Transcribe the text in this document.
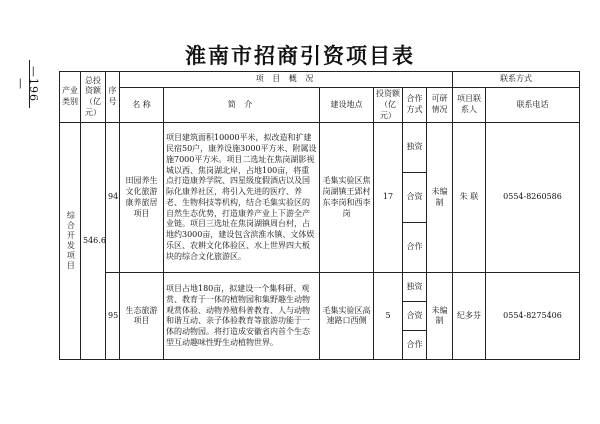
—196—
淮南市招商引资项目表
产业类别	总投资额（亿元）	序号	项 目 概 况						联系方式	
			名 称	简 介	建设地点	投资额（亿元）	合作方式	可研情况	项目联系人	联系电话

综合开发项目	546.6	94	田园养生文化旅游康养旅居项目	项目建筑面积10000平米，拟改造和扩建民宿50户，康养设施3000平方米、附属设施7000平方米。项目二选址在焦岗湖影视城以西、焦岗湖北岸，占地100亩，将重点打造康养学院、四星级度假酒店以及国际化康养社区，将引入先进的医疗、养老、生物科技等机构，结合毛集实验区的自然生态优势，打造康养产业上下游全产业链。项目三选址在焦岗湖镇周台村，占地约3000亩，建设包含滨淮水镇、文体娱乐区、农耕文化体验区、水上世界四大板块的综合文化旅游区。	毛集实验区焦岗湖镇王郢村东李岗和西李岗	17	独资	未编制	朱 联	0554-8260586
							合资			
							合作			
		95	生态旅游项目	项目占地180亩，拟建设一个集科研、观赏、教育于一体的植物园和集野趣生动物观赏体验、动物养殖科普教育、人与动物和谐互动、亲子体验教育等旅游功能于一体的动物园。将打造成安徽省内首个生态型互动趣味性野生动植物世界。	毛集实验区高速路口西侧	5	独资	未编制	纪多芬	0554-8275406
							合资			
							合作			
